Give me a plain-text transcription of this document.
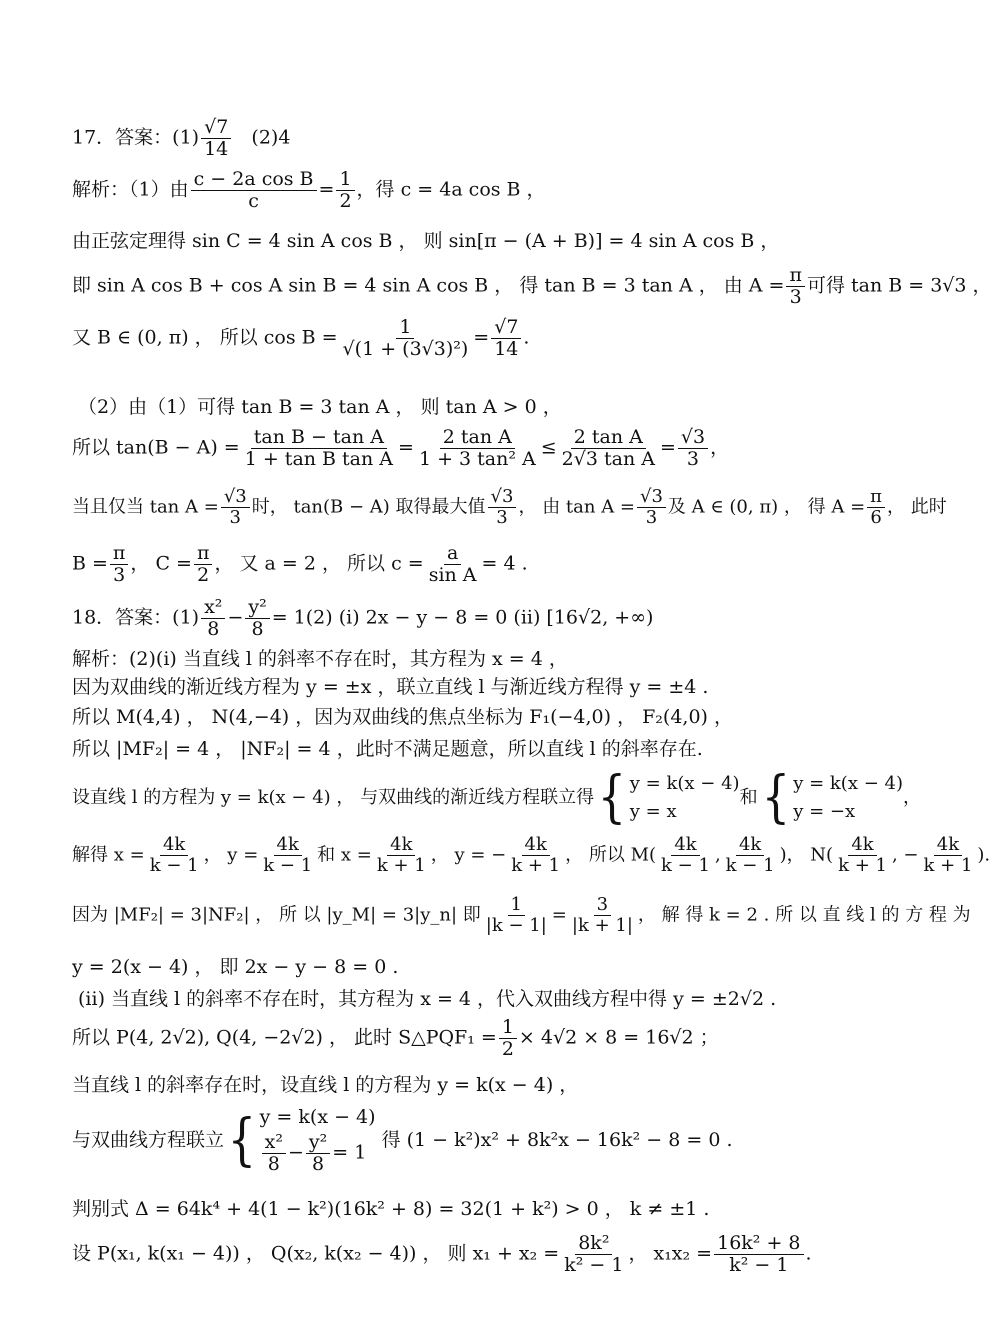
17．答案：$(1) \frac{√7}{14} (2)4$
解析：（1）由 $\frac{\text{c − 2a cos B}}{c} = \frac{1}{2}$ ，得 c = 4a cos B ，
由正弦定理得 sin C = 4 sin A cos B ， 则 sin[π − (A + B)] = 4 sin A cos B ，
即 sin A cos B + cos A sin B = 4 sin A cos B ， 得 tan B = 3 tan A ， 由 $A = \frac{\pi}{3}$ 可得 tan B = 3√3 ，
又 B ∈ (0, π) ， 所以 $\cos B = \frac{1}{\text{√(1 + (3√3)²)}} = \frac{√7}{14}$ .
（2）由（1）可得 tan B = 3 tan A ， 则 tan A > 0 ，
所以 $\tan(B - A) = \frac{\text{tan B − tan A}}{\text{1 + tan B tan A}} = \frac{\text{2 tan A}}{\text{1 + 3 tan² A}} \le \frac{\text{2 tan A}}{\text{2√3 tan A}} = \frac{√3}{3}$ ，
当且仅当 $\tan A = \frac{√3}{3}$ 时， tan(B − A) 取得最大值 $\frac{√3}{3}$ ， 由 $\tan A = \frac{√3}{3}$ 及 A ∈ (0, π) ， 得 $A = \frac{\pi}{6}$ ， 此时
$B = \frac{\pi}{3}$ ， $C = \frac{\pi}{2}$ ， 又 a = 2 ， 所以 $c = \frac{a}{\text{sin A}} = 4$ .
18．答案：$(1) \frac{\text{x²}}{8} - \frac{\text{y²}}{8} = 1(2)$ (i) 2x − y − 8 = 0 (ii) [16√2, +∞)
解析：(2)(i) 当直线 l 的斜率不存在时，其方程为 x = 4 ，
因为双曲线的渐近线方程为 y = ±x ，联立直线 l 与渐近线方程得 y = ±4 .
所以 M(4,4) ， N(4,−4) ，因为双曲线的焦点坐标为 F₁(−4,0) ， F₂(4,0) ，
所以 |MF₂| = 4 ， |NF₂| = 4 ，此时不满足题意，所以直线 l 的斜率存在.
设直线 l 的方程为 y = k(x − 4) ， 与双曲线的渐近线方程联立得 { y = k(x − 4)
y = x
和 { y = k(x − 4)
y = −x
，
解得 $x = \frac{4k}{k - 1}$ ， $y = \frac{4k}{k - 1}$ 和 $x = \frac{4k}{k + 1}$ ， y = − $\frac{4k}{k + 1}$ ， 所以 $M( \frac{4k}{k - 1}$ , $\frac{4k}{k - 1}$ )， $N( \frac{4k}{k + 1}$ , − $\frac{4k}{k + 1}$ ).
因为 |MF₂| = 3|NF₂| ， 所 以 |y_M| = 3|y_n| 即 $\frac{1}{|k - 1|} = \frac{3}{|k + 1|}$ ， 解 得 k = 2 . 所 以 直 线 l 的 方 程 为
y = 2(x − 4) ， 即 2x − y − 8 = 0 .
(ii) 当直线 l 的斜率不存在时，其方程为 x = 4 ，代入双曲线方程中得 y = ±2√2 .
所以 P(4, 2√2), Q(4, −2√2) ， 此时 S△PQF₁ = $\frac{1}{2} \times 4√2 \times 8 = 16√2$ ；
当直线 l 的斜率存在时，设直线 l 的方程为 y = k(x − 4) ，
与双曲线方程联立 { y = k(x − 4)
$\frac{\text{x²}}{8} - \frac{\text{y²}}{8} = 1$
得 (1 − k²)x² + 8k²x − 16k² − 8 = 0 .
判别式 Δ = 64k⁴ + 4(1 − k²)(16k² + 8) = 32(1 + k²) > 0 ， k ≠ ±1 .
设 P(x₁, k(x₁ − 4)) ， Q(x₂, k(x₂ − 4)) ， 则 $x_1 + x_2 = \frac{\text{8k²}}{\text{k² − 1}}$ ， $x_1x_2 = \frac{\text{16k² + 8}}{\text{k² − 1}}$ .
